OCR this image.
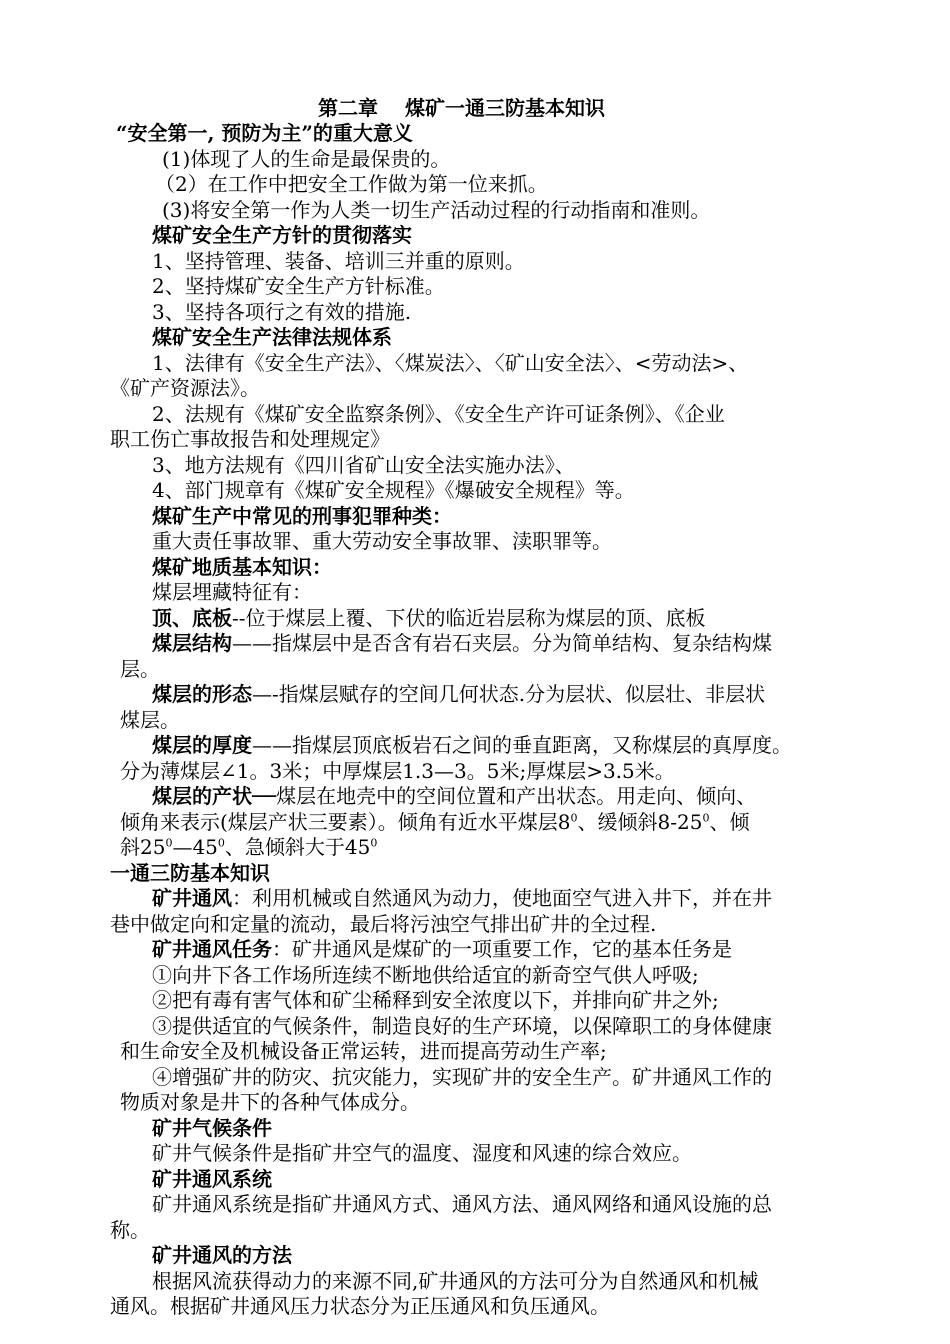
第二章　 煤矿一通三防基本知识
“安全第一, 预防为主”的重大意义
(1)体现了人的生命是最保贵的。
（2）在工作中把安全工作做为第一位来抓。
(3)将安全第一作为人类一切生产活动过程的行动指南和准则。
煤矿安全生产方针的贯彻落实
1、坚持管理、装备、培训三并重的原则。
2、坚持煤矿安全生产方针标准。
3、坚持各项行之有效的措施.
煤矿安全生产法律法规体系
1、法律有《安全生产法》、〈煤炭法〉、〈矿山安全法〉、<劳动法>、
《矿产资源法》。
2、法规有《煤矿安全监察条例》、《安全生产许可证条例》、《企业
职工伤亡事故报告和处理规定》
3、地方法规有《四川省矿山安全法实施办法》、
4、部门规章有《煤矿安全规程》《爆破安全规程》等。
煤矿生产中常见的刑事犯罪种类：
重大责任事故罪、重大劳动安全事故罪、渎职罪等。
煤矿地质基本知识：
煤层埋藏特征有：
顶、底板--位于煤层上覆、下伏的临近岩层称为煤层的顶、底板
煤层结构——指煤层中是否含有岩石夹层。分为简单结构、复杂结构煤
层。
煤层的形态—-指煤层赋存的空间几何状态.分为层状、似层壮、非层状
煤层。
煤层的厚度——指煤层顶底板岩石之间的垂直距离，又称煤层的真厚度。
分为薄煤层∠1。3米；中厚煤层1.3—3。5米;厚煤层>3.5米。
煤层的产状──煤层在地壳中的空间位置和产出状态。用走向、倾向、
倾角来表示(煤层产状三要素）。倾角有近水平煤层$8^0$、缓倾斜$8-25^0$、倾
斜$25^0—45^0$、急倾斜大于$45^0$
一通三防基本知识
矿井通风：利用机械或自然通风为动力，使地面空气进入井下，并在井
巷中做定向和定量的流动，最后将污浊空气排出矿井的全过程.
矿井通风任务：矿井通风是煤矿的一项重要工作，它的基本任务是
①向井下各工作场所连续不断地供给适宜的新奇空气供人呼吸;
②把有毒有害气体和矿尘稀释到安全浓度以下，并排向矿井之外;
③提供适宜的气候条件，制造良好的生产环境，以保障职工的身体健康
和生命安全及机械设备正常运转，进而提高劳动生产率;
④增强矿井的防灾、抗灾能力，实现矿井的安全生产。矿井通风工作的
物质对象是井下的各种气体成分。
矿井气候条件
矿井气候条件是指矿井空气的温度、湿度和风速的综合效应。
矿井通风系统
矿井通风系统是指矿井通风方式、通风方法、通风网络和通风设施的总
称。
矿井通风的方法
根据风流获得动力的来源不同,矿井通风的方法可分为自然通风和机械
通风。根据矿井通风压力状态分为正压通风和负压通风。
